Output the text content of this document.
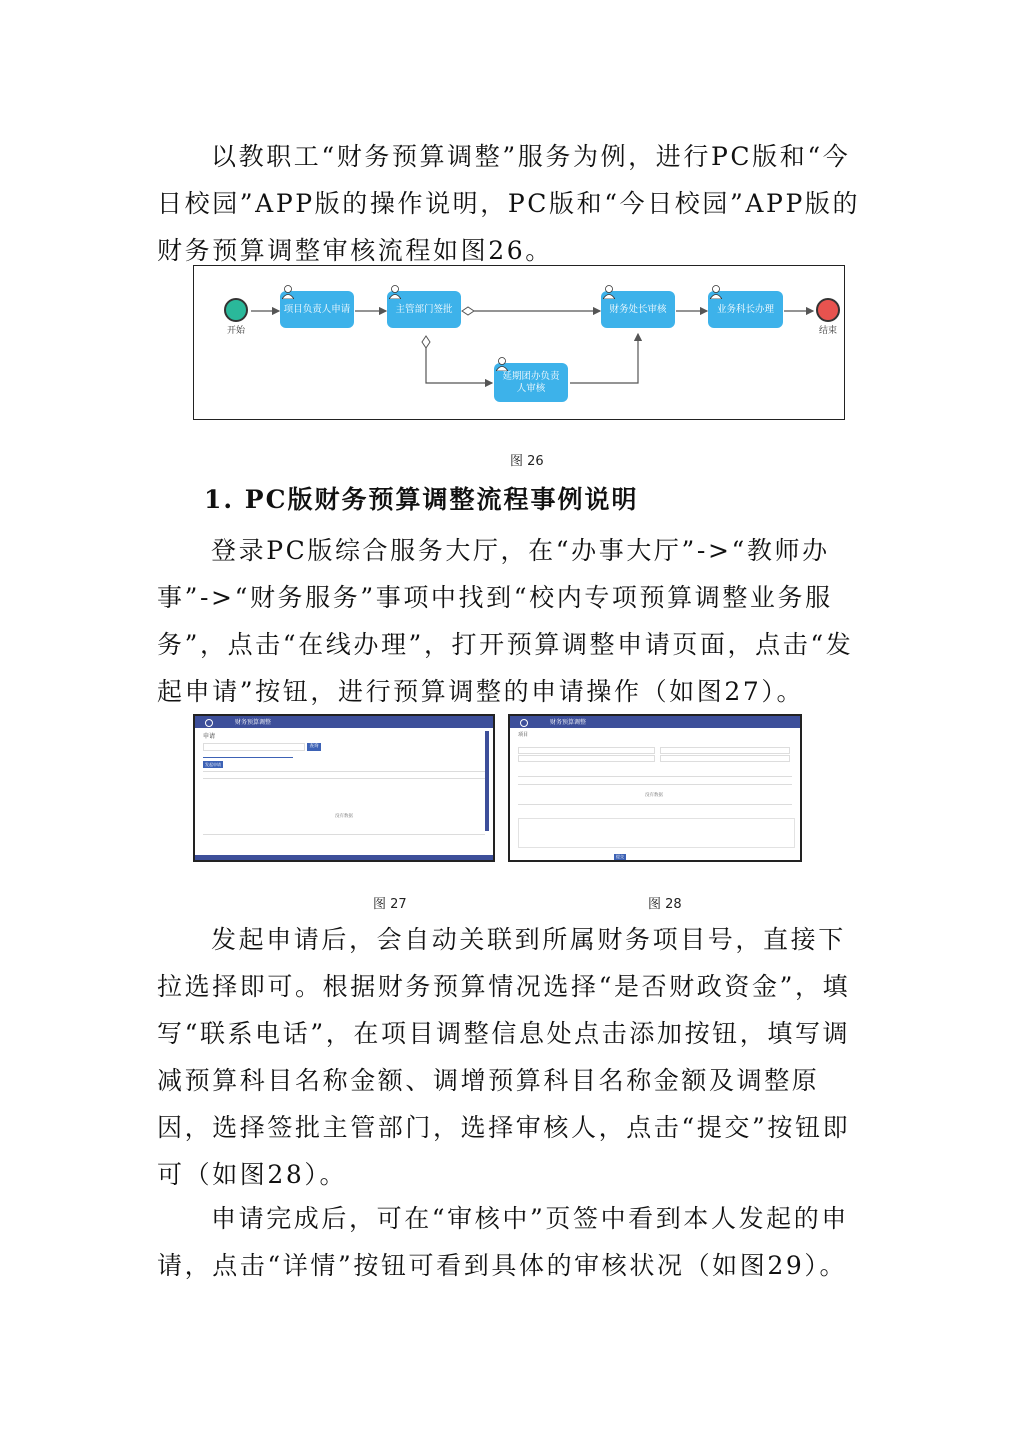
以教职工“财务预算调整”服务为例，进行PC版和“今日校园”APP版的操作说明，PC版和“今日校园”APP版的财务预算调整审核流程如图26。

开始
项目负责人申请	主管部门签批	财务处长审核	业务科长办理
延期团办负责人审核
结束
图 26
1. PC版财务预算调整流程事例说明

登录PC版综合服务大厅，在“办事大厅”->“教师办事”->“财务服务”事项中找到“校内专项预算调整业务服务”，点击“在线办理”，打开预算调整申请页面，点击“发起申请”按钮，进行预算调整的申请操作（如图27）。

财务预算调整
申请
查询
发起申请
没有数据
财务预算调整
项目
没有数据
提交
图 27	图 28

发起申请后，会自动关联到所属财务项目号，直接下拉选择即可。根据财务预算情况选择“是否财政资金”，填写“联系电话”，在项目调整信息处点击添加按钮，填写调减预算科目名称金额、调增预算科目名称金额及调整原因，选择签批主管部门，选择审核人，点击“提交”按钮即可（如图28）。

申请完成后，可在“审核中”页签中看到本人发起的申请，点击“详情”按钮可看到具体的审核状况（如图29）。
